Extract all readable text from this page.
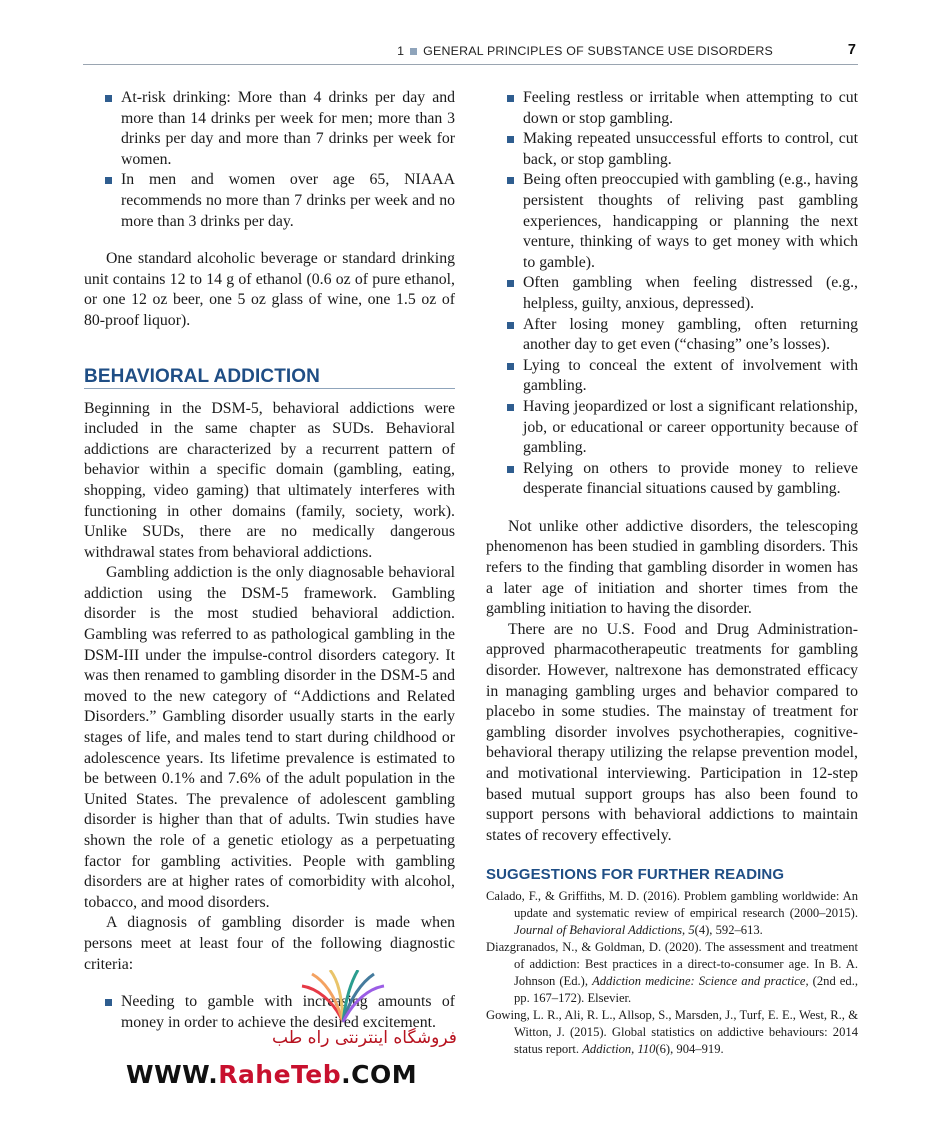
1 GENERAL PRINCIPLES OF SUBSTANCE USE DISORDERS	7
At-risk drinking: More than 4 drinks per day and more than 14 drinks per week for men; more than 3 drinks per day and more than 7 drinks per week for women.
In men and women over age 65, NIAAA recommends no more than 7 drinks per week and no more than 3 drinks per day.

One standard alcoholic beverage or standard drinking unit contains 12 to 14 g of ethanol (0.6 oz of pure ethanol, or one 12 oz beer, one 5 oz glass of wine, one 1.5 oz of 80-proof liquor).

BEHAVIORAL ADDICTION

Beginning in the DSM-5, behavioral addictions were included in the same chapter as SUDs. Behavioral addictions are characterized by a recurrent pattern of behavior within a specific domain (gambling, eating, shopping, video gaming) that ultimately interferes with functioning in other domains (family, society, work). Unlike SUDs, there are no medically dangerous withdrawal states from behavioral addictions.

Gambling addiction is the only diagnosable behavioral addiction using the DSM-5 framework. Gambling disorder is the most studied behavioral addiction. Gambling was referred to as pathological gambling in the DSM-III under the impulse-control disorders category. It was then renamed to gambling disorder in the DSM-5 and moved to the new category of “Addictions and Related Disorders.” Gambling disorder usually starts in the early stages of life, and males tend to start during childhood or adolescence years. Its lifetime prevalence is estimated to be between 0.1% and 7.6% of the adult population in the United States. The prevalence of adolescent gambling disorder is higher than that of adults. Twin studies have shown the role of a genetic etiology as a perpetuating factor for gambling activities. People with gambling disorders are at higher rates of comorbidity with alcohol, tobacco, and mood disorders.

A diagnosis of gambling disorder is made when persons meet at least four of the following diagnostic criteria:

Needing to gamble with increasing amounts of money in order to achieve the desired excitement.
Feeling restless or irritable when attempting to cut down or stop gambling.
Making repeated unsuccessful efforts to control, cut back, or stop gambling.
Being often preoccupied with gambling (e.g., having persistent thoughts of reliving past gambling experiences, handicapping or planning the next venture, thinking of ways to get money with which to gamble).
Often gambling when feeling distressed (e.g., helpless, guilty, anxious, depressed).
After losing money gambling, often returning another day to get even (“chasing” one’s losses).
Lying to conceal the extent of involvement with gambling.
Having jeopardized or lost a significant relationship, job, or educational or career opportunity because of gambling.
Relying on others to provide money to relieve desperate financial situations caused by gambling.

Not unlike other addictive disorders, the telescoping phenomenon has been studied in gambling disorders. This refers to the finding that gambling disorder in women has a later age of initiation and shorter times from the gambling initiation to having the disorder.

There are no U.S. Food and Drug Administration-approved pharmacotherapeutic treatments for gambling disorder. However, naltrexone has demonstrated efficacy in managing gambling urges and behavior compared to placebo in some studies. The mainstay of treatment for gambling disorder involves psychotherapies, cognitive-behavioral therapy utilizing the relapse prevention model, and motivational interviewing. Participation in 12-step based mutual support groups has also been found to support persons with behavioral addictions to maintain states of recovery effectively.

SUGGESTIONS FOR FURTHER READING

Calado, F., & Griffiths, M. D. (2016). Problem gambling worldwide: An update and systematic review of empirical research (2000–2015). Journal of Behavioral Addictions, 5(4), 592–613.

Diazgranados, N., & Goldman, D. (2020). The assessment and treatment of addiction: Best practices in a direct-to-consumer age. In B. A. Johnson (Ed.), Addiction medicine: Science and practice, (2nd ed., pp. 167–172). Elsevier.

Gowing, L. R., Ali, R. L., Allsop, S., Marsden, J., Turf, E. E., West, R., & Witton, J. (2015). Global statistics on addictive behaviours: 2014 status report. Addiction, 110(6), 904–919.

فروشگاه اینترنتی راه طب
WWW.RaheTeb.COM
